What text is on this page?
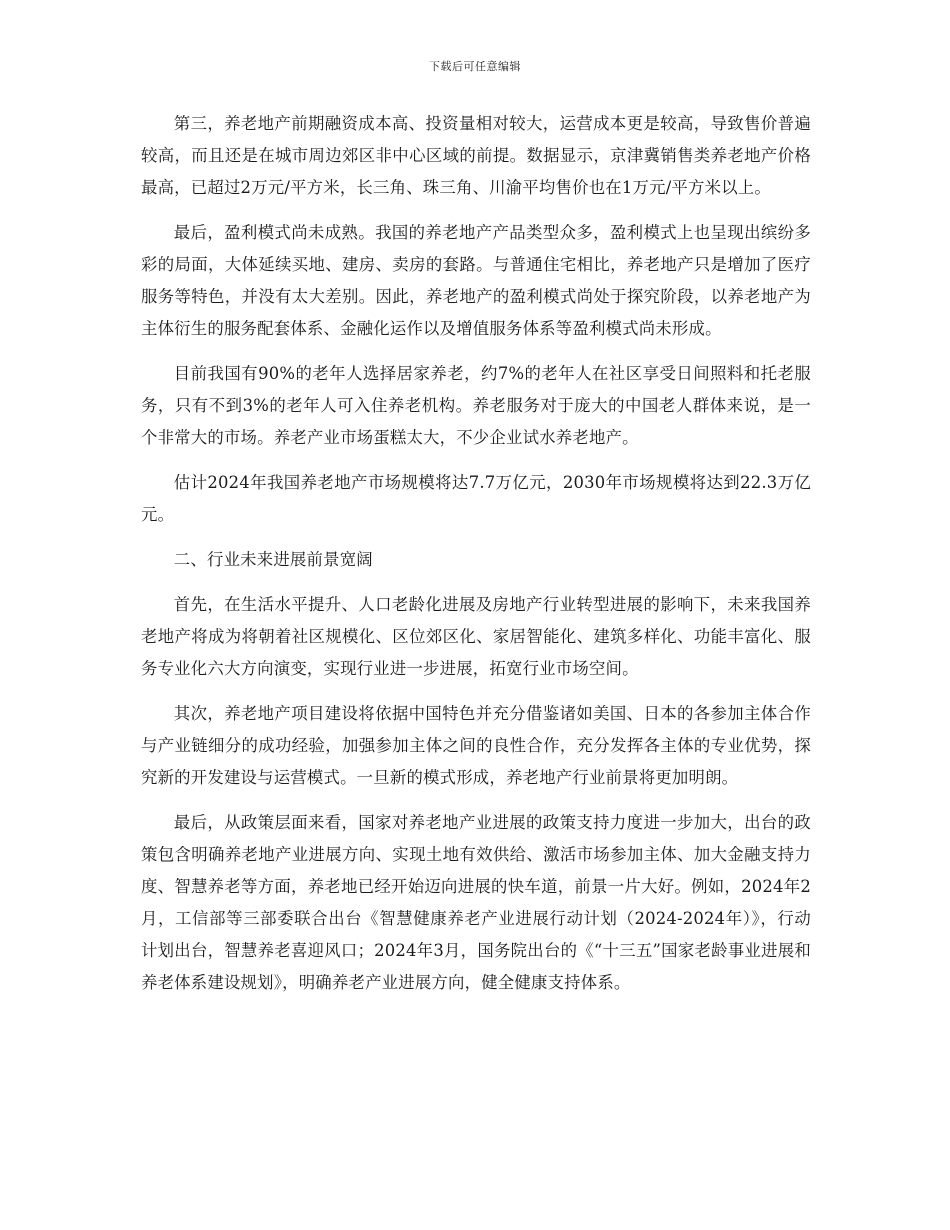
下载后可任意编辑

第三，养老地产前期融资成本高、投资量相对较大，运营成本更是较高，导致售价普遍较高，而且还是在城市周边郊区非中心区域的前提。数据显示，京津冀销售类养老地产价格最高，已超过2万元/平方米，长三角、珠三角、川渝平均售价也在1万元/平方米以上。

最后，盈利模式尚未成熟。我国的养老地产产品类型众多，盈利模式上也呈现出缤纷多彩的局面，大体延续买地、建房、卖房的套路。与普通住宅相比，养老地产只是增加了医疗服务等特色，并没有太大差别。因此，养老地产的盈利模式尚处于探究阶段，以养老地产为主体衍生的服务配套体系、金融化运作以及增值服务体系等盈利模式尚未形成。

目前我国有90%的老年人选择居家养老，约7%的老年人在社区享受日间照料和托老服务，只有不到3%的老年人可入住养老机构。养老服务对于庞大的中国老人群体来说，是一个非常大的市场。养老产业市场蛋糕太大，不少企业试水养老地产。

估计2024年我国养老地产市场规模将达7.7万亿元，2030年市场规模将达到22.3万亿元。

二、行业未来进展前景宽阔

首先，在生活水平提升、人口老龄化进展及房地产行业转型进展的影响下，未来我国养老地产将成为将朝着社区规模化、区位郊区化、家居智能化、建筑多样化、功能丰富化、服务专业化六大方向演变，实现行业进一步进展，拓宽行业市场空间。

其次，养老地产项目建设将依据中国特色并充分借鉴诸如美国、日本的各参加主体合作与产业链细分的成功经验，加强参加主体之间的良性合作，充分发挥各主体的专业优势，探究新的开发建设与运营模式。一旦新的模式形成，养老地产行业前景将更加明朗。

最后，从政策层面来看，国家对养老地产业进展的政策支持力度进一步加大，出台的政策包含明确养老地产业进展方向、实现土地有效供给、激活市场参加主体、加大金融支持力度、智慧养老等方面，养老地已经开始迈向进展的快车道，前景一片大好。例如，2024年2月，工信部等三部委联合出台《智慧健康养老产业进展行动计划（2024-2024年）》，行动计划出台，智慧养老喜迎风口；2024年3月，国务院出台的《“十三五”国家老龄事业进展和养老体系建设规划》，明确养老产业进展方向，健全健康支持体系。
